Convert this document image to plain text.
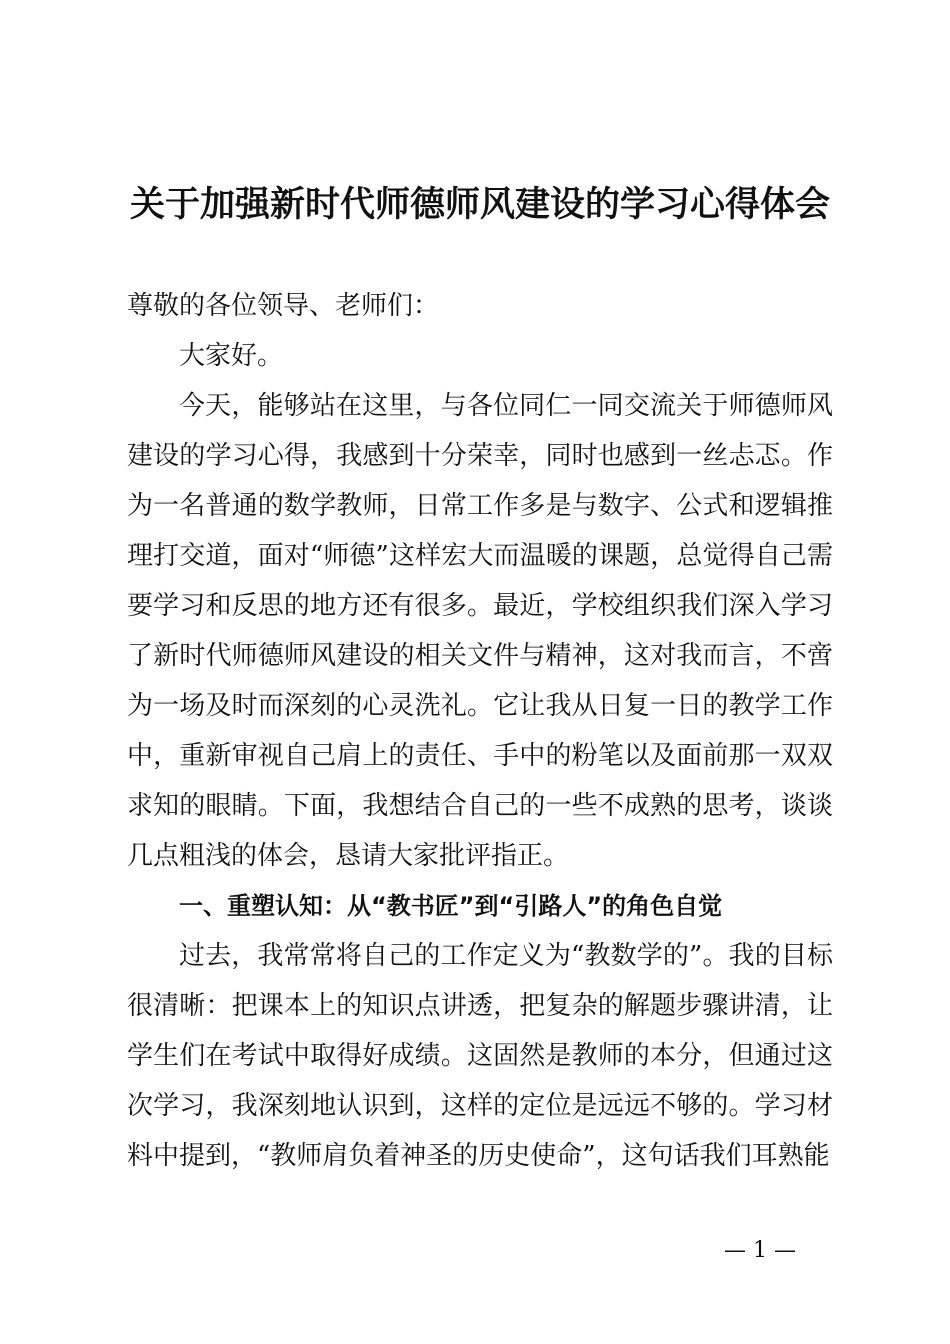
关于加强新时代师德师风建设的学习心得体会

尊敬的各位领导、老师们：

大家好。

今天，能够站在这里，与各位同仁一同交流关于师德师风建设的学习心得，我感到十分荣幸，同时也感到一丝忐忑。作为一名普通的数学教师，日常工作多是与数字、公式和逻辑推理打交道，面对“师德”这样宏大而温暖的课题，总觉得自己需要学习和反思的地方还有很多。最近，学校组织我们深入学习了新时代师德师风建设的相关文件与精神，这对我而言，不啻为一场及时而深刻的心灵洗礼。它让我从日复一日的教学工作中，重新审视自己肩上的责任、手中的粉笔以及面前那一双双求知的眼睛。下面，我想结合自己的一些不成熟的思考，谈谈几点粗浅的体会，恳请大家批评指正。

一、重塑认知：从“教书匠”到“引路人”的角色自觉

过去，我常常将自己的工作定义为“教数学的”。我的目标很清晰：把课本上的知识点讲透，把复杂的解题步骤讲清，让学生们在考试中取得好成绩。这固然是教师的本分，但通过这次学习，我深刻地认识到，这样的定位是远远不够的。学习材料中提到，“教师肩负着神圣的历史使命”，这句话我们耳熟能

— 1 —
